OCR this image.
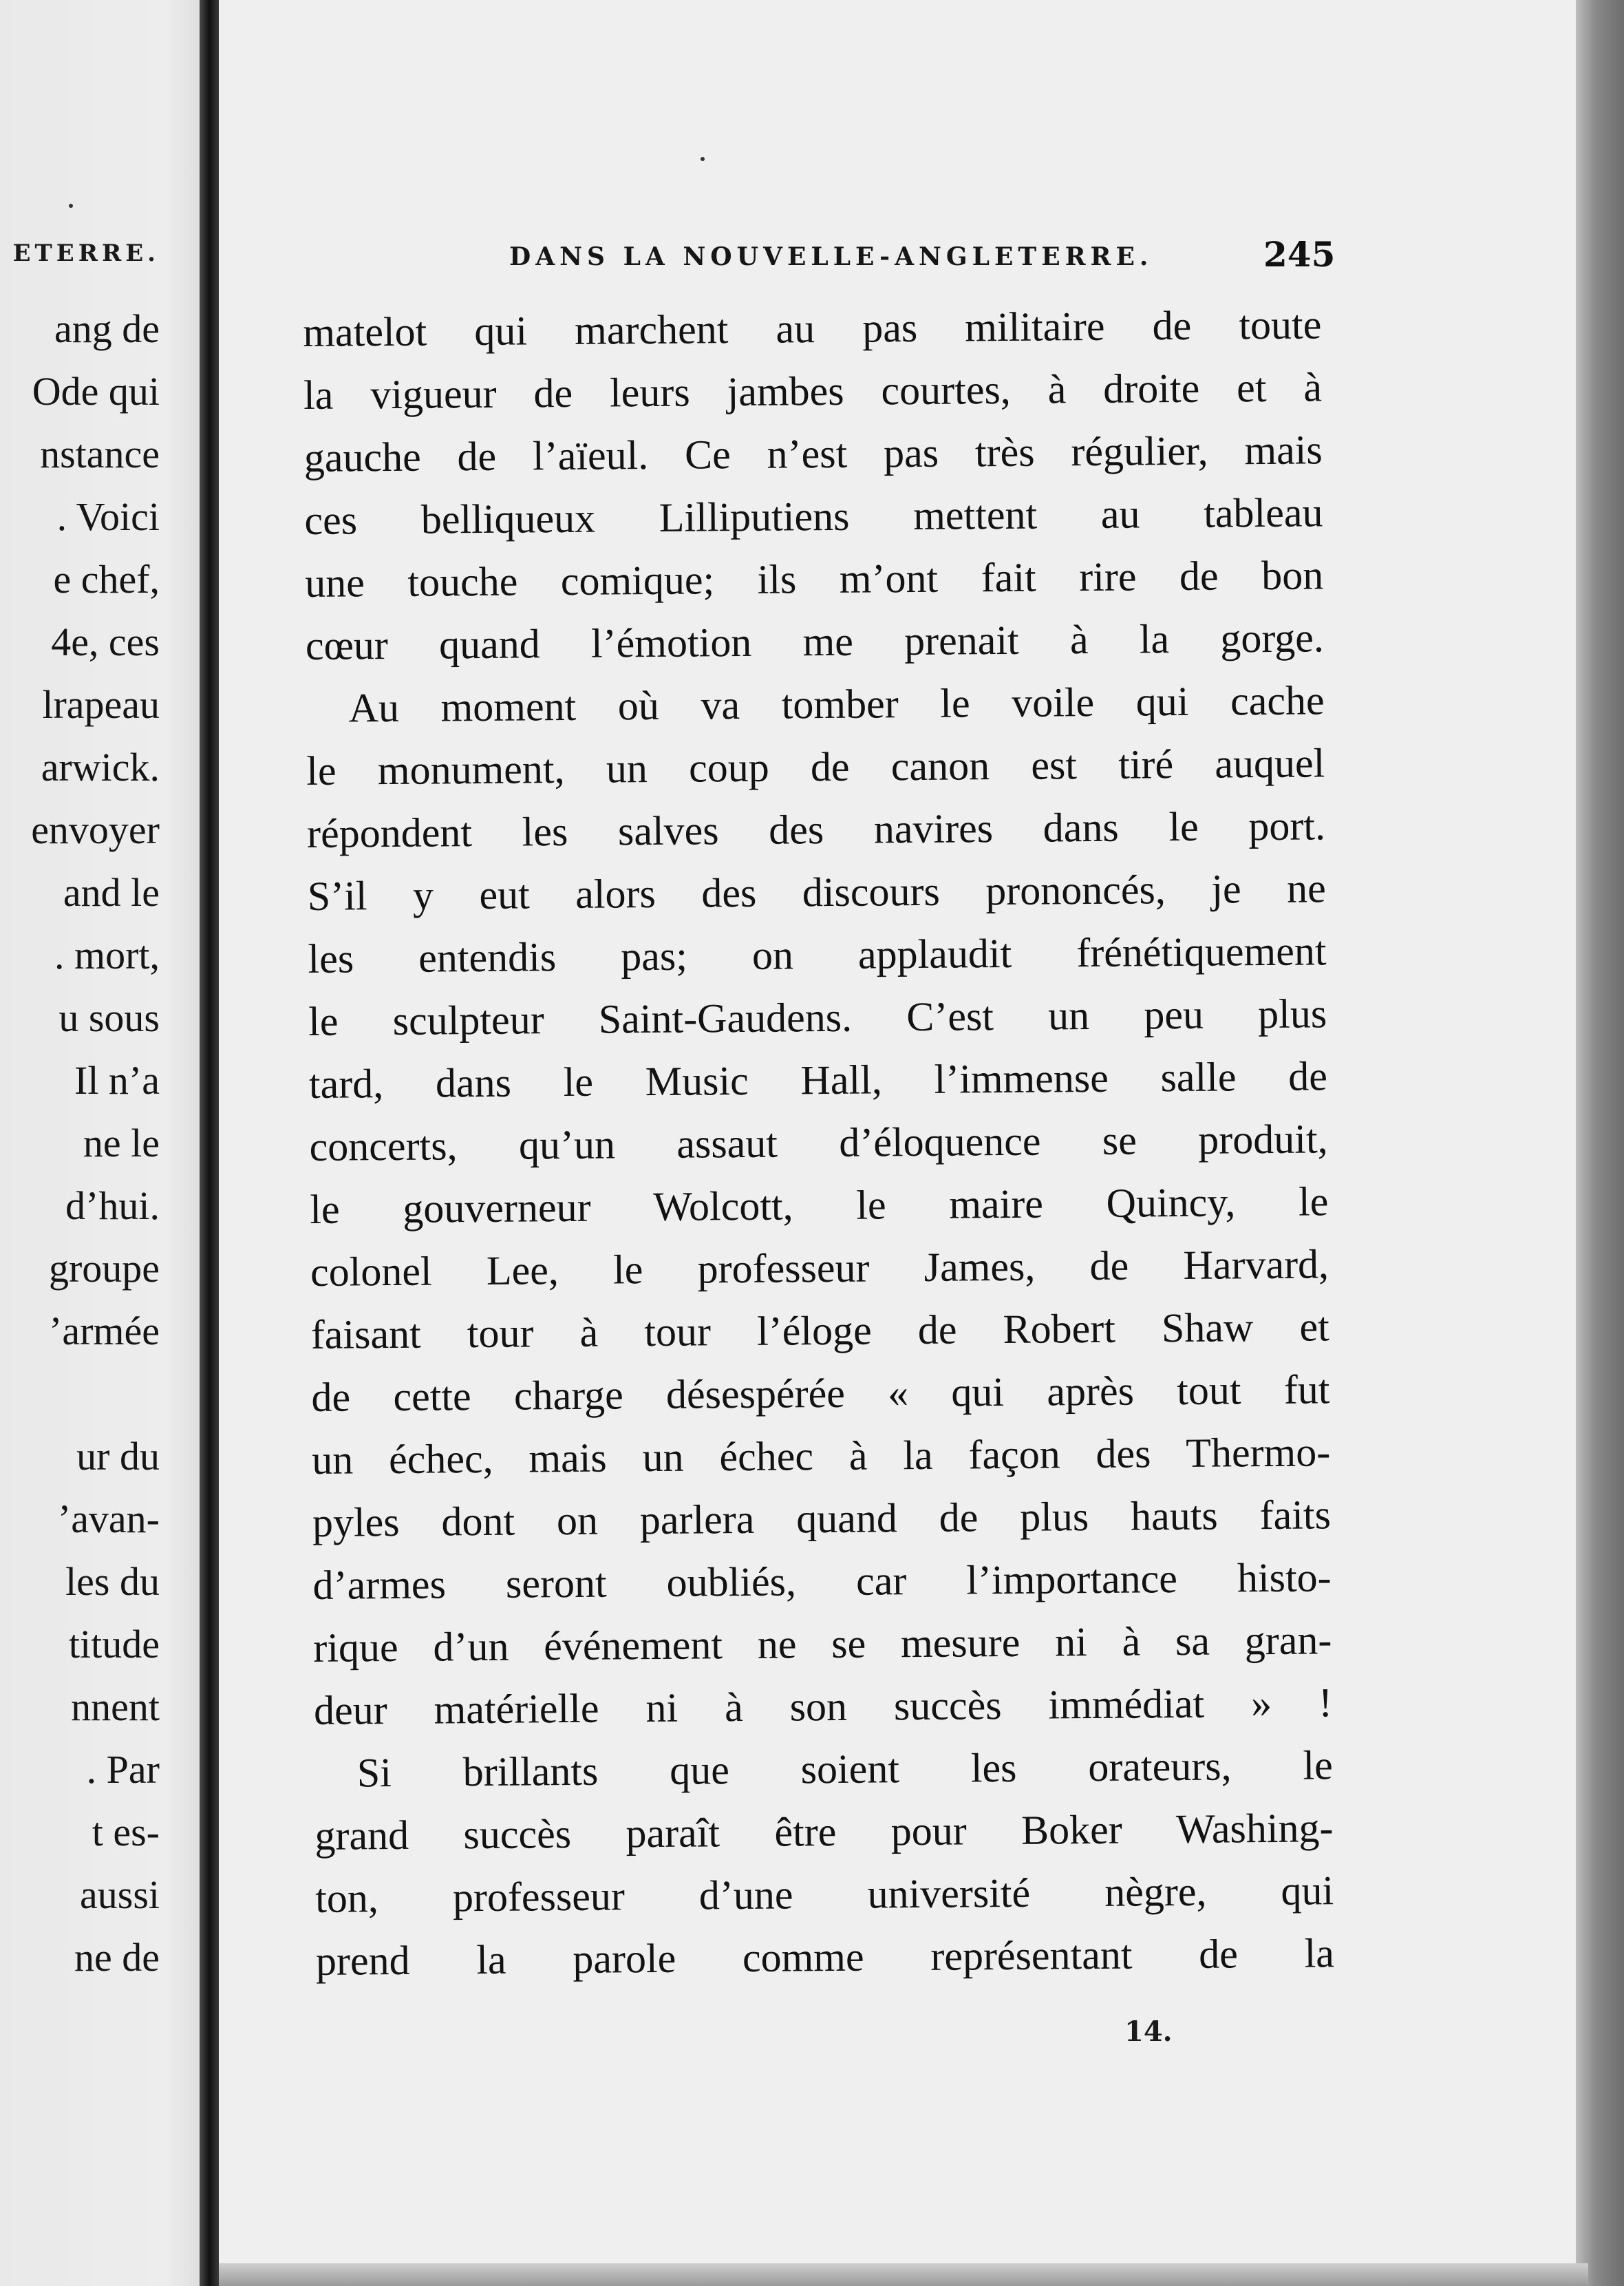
ETERRE.

ang de
Ode qui
nstance
. Voici
e chef,
4e, ces
lrapeau
arwick.
envoyer
and le
. mort,
u sous
Il n’a
ne le
d’hui.
groupe
’armée
ur du
’avan-
les du
titude
nnent
. Par
t es-
aussi
ne de

DANS LA NOUVELLE-ANGLETERRE.	245

matelot qui marchent au pas militaire de toute
la vigueur de leurs jambes courtes, à droite et à
gauche de l’aïeul. Ce n’est pas très régulier, mais
ces belliqueux Lilliputiens mettent au tableau
une touche comique; ils m’ont fait rire de bon
cœur quand l’émotion me prenait à la gorge.
Au moment où va tomber le voile qui cache
le monument, un coup de canon est tiré auquel
répondent les salves des navires dans le port.
S’il y eut alors des discours prononcés, je ne
les entendis pas; on applaudit frénétiquement
le sculpteur Saint-Gaudens. C’est un peu plus
tard, dans le Music Hall, l’immense salle de
concerts, qu’un assaut d’éloquence se produit,
le gouverneur Wolcott, le maire Quincy, le
colonel Lee, le professeur James, de Harvard,
faisant tour à tour l’éloge de Robert Shaw et
de cette charge désespérée « qui après tout fut
un échec, mais un échec à la façon des Thermo-
pyles dont on parlera quand de plus hauts faits
d’armes seront oubliés, car l’importance histo-
rique d’un événement ne se mesure ni à sa gran-
deur matérielle ni à son succès immédiat » !
Si brillants que soient les orateurs, le
grand succès paraît être pour Boker Washing-
ton, professeur d’une université nègre, qui
prend la parole comme représentant de la

14.
